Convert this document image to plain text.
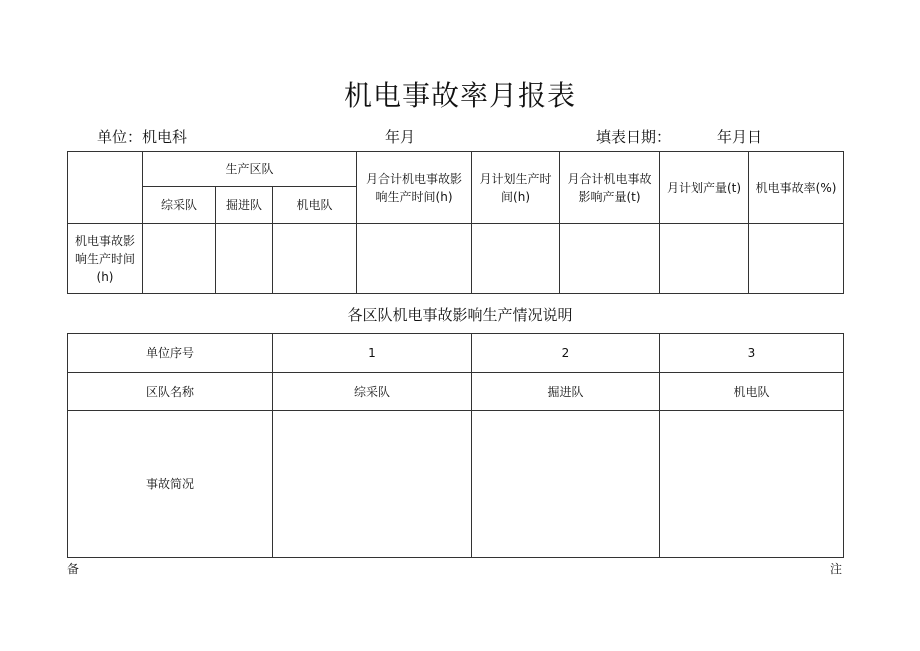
机电事故率月报表
单位：机电科	年月	填表日期：	年月日
	生产区队			月合计机电事故影响生产时间(h)	月计划生产时间(h)	月合计机电事故影响产量(t)	月计划产量(t)	机电事故率(%)

	综采队	掘进队	机电队					

机电事故影响生产时间(h)								

各区队机电事故影响生产情况说明
单位序号	1	2	3
区队名称	综采队	掘进队	机电队
事故简况			
备	注
